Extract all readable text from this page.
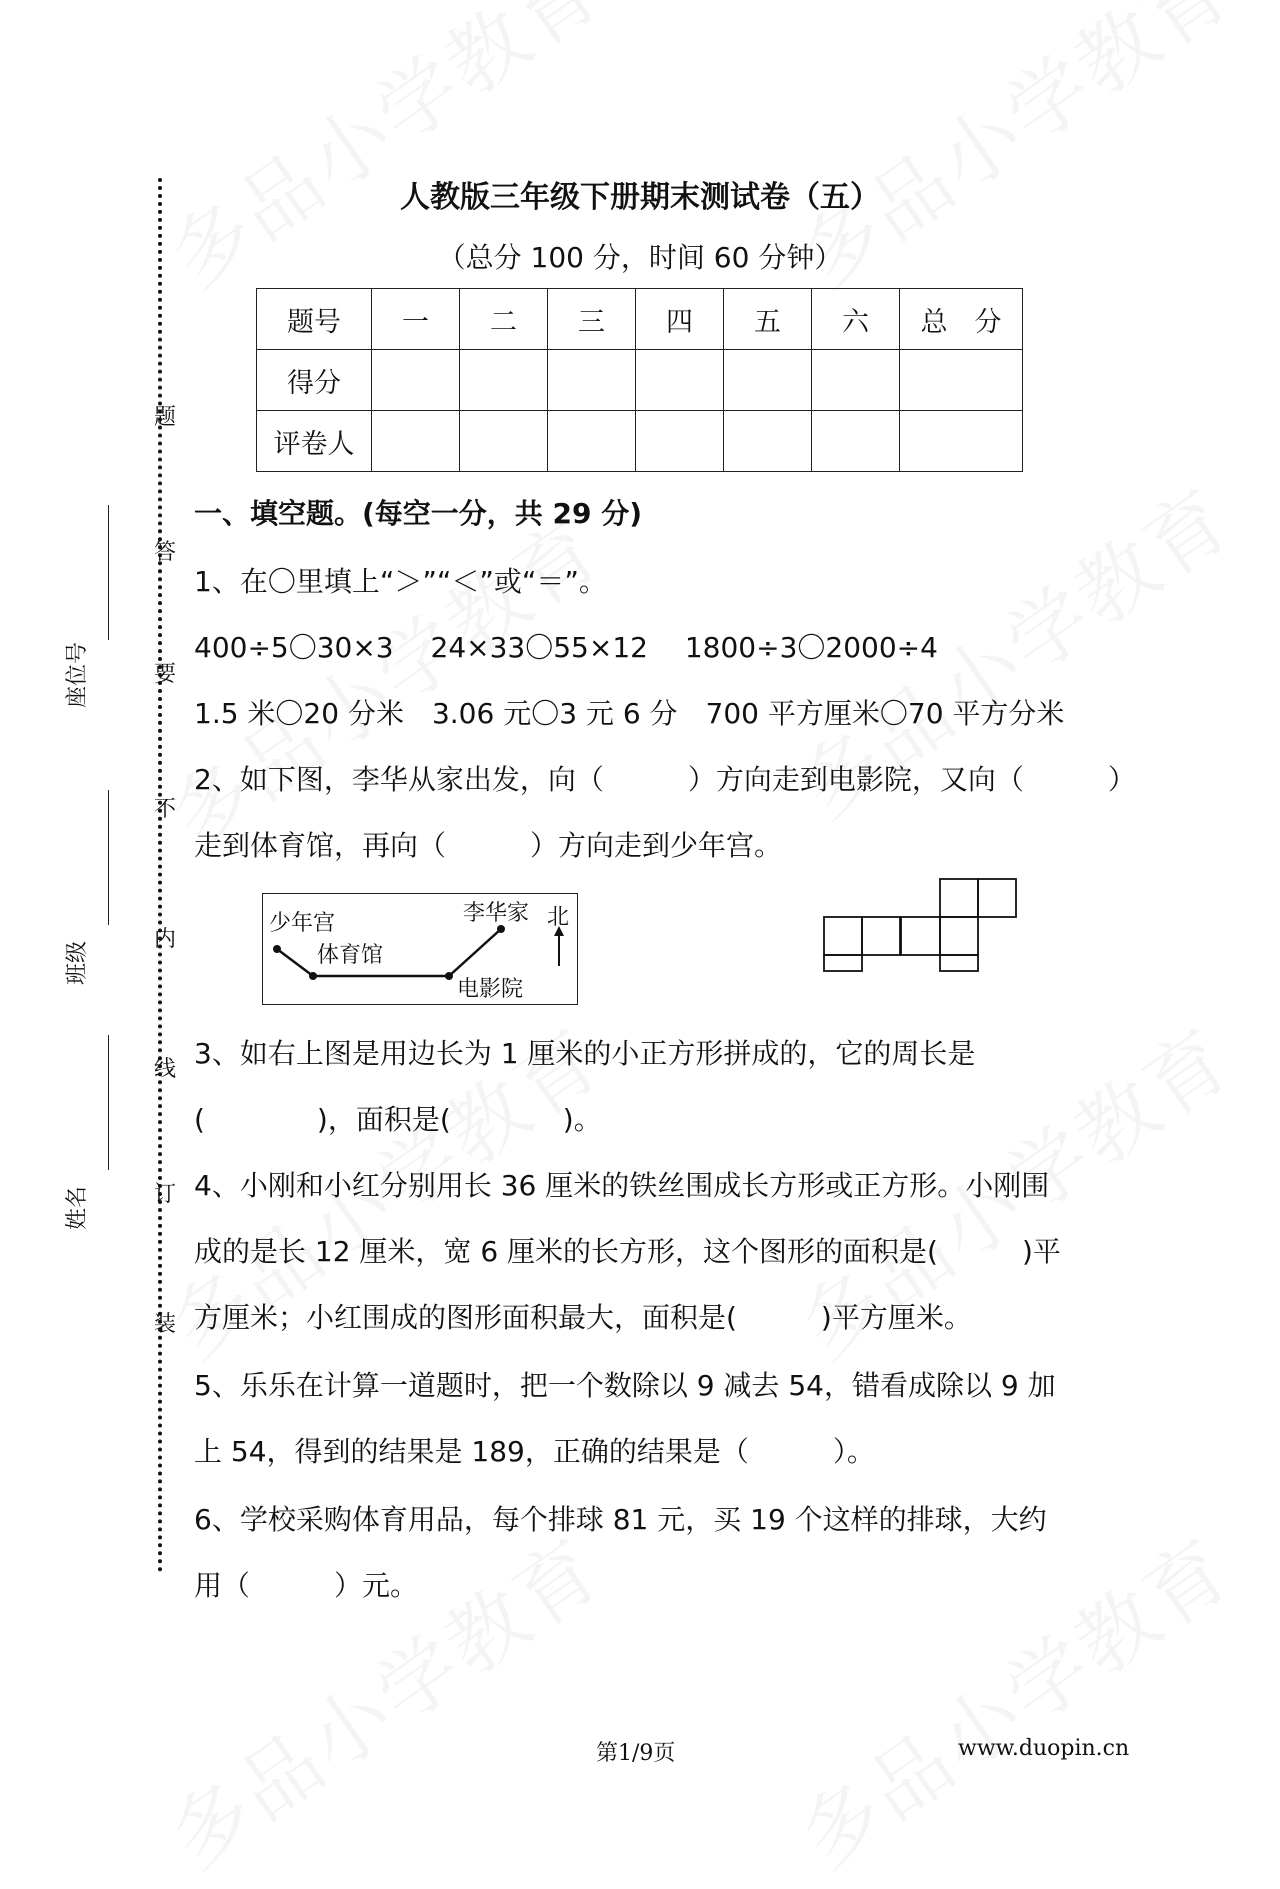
题
答
要
不
内
线
订
装
座位号
班级
姓名
人教版三年级下册期末测试卷（五）
（总分 100 分，时间 60 分钟）
题号	一	二	三	四	五	六	总　分
得分							
评卷人							
一、填空题。(每空一分，共 29 分)
1、在〇里填上“＞”“＜”或“＝”。
400÷5〇30×3　 24×33〇55×12　 1800÷3〇2000÷4
1.5 米〇20 分米　3.06 元〇3 元 6 分　700 平方厘米〇70 平方分米
2、如下图，李华从家出发，向（　　　）方向走到电影院，又向（　　　）
走到体育馆，再向（　　　）方向走到少年宫。
少年宫
体育馆
李华家
电影院
北
3、如右上图是用边长为 1 厘米的小正方形拼成的，它的周长是
(　　　　)，面积是(　　　　)。
4、小刚和小红分别用长 36 厘米的铁丝围成长方形或正方形。小刚围
成的是长 12 厘米，宽 6 厘米的长方形，这个图形的面积是(　　　)平
方厘米；小红围成的图形面积最大，面积是(　　　)平方厘米。
5、乐乐在计算一道题时，把一个数除以 9 减去 54，错看成除以 9 加
上 54，得到的结果是 189，正确的结果是（　　　）。
6、学校采购体育用品，每个排球 81 元，买 19 个这样的排球，大约
用（　　　）元。
第1/9页	www.duopin.cn
